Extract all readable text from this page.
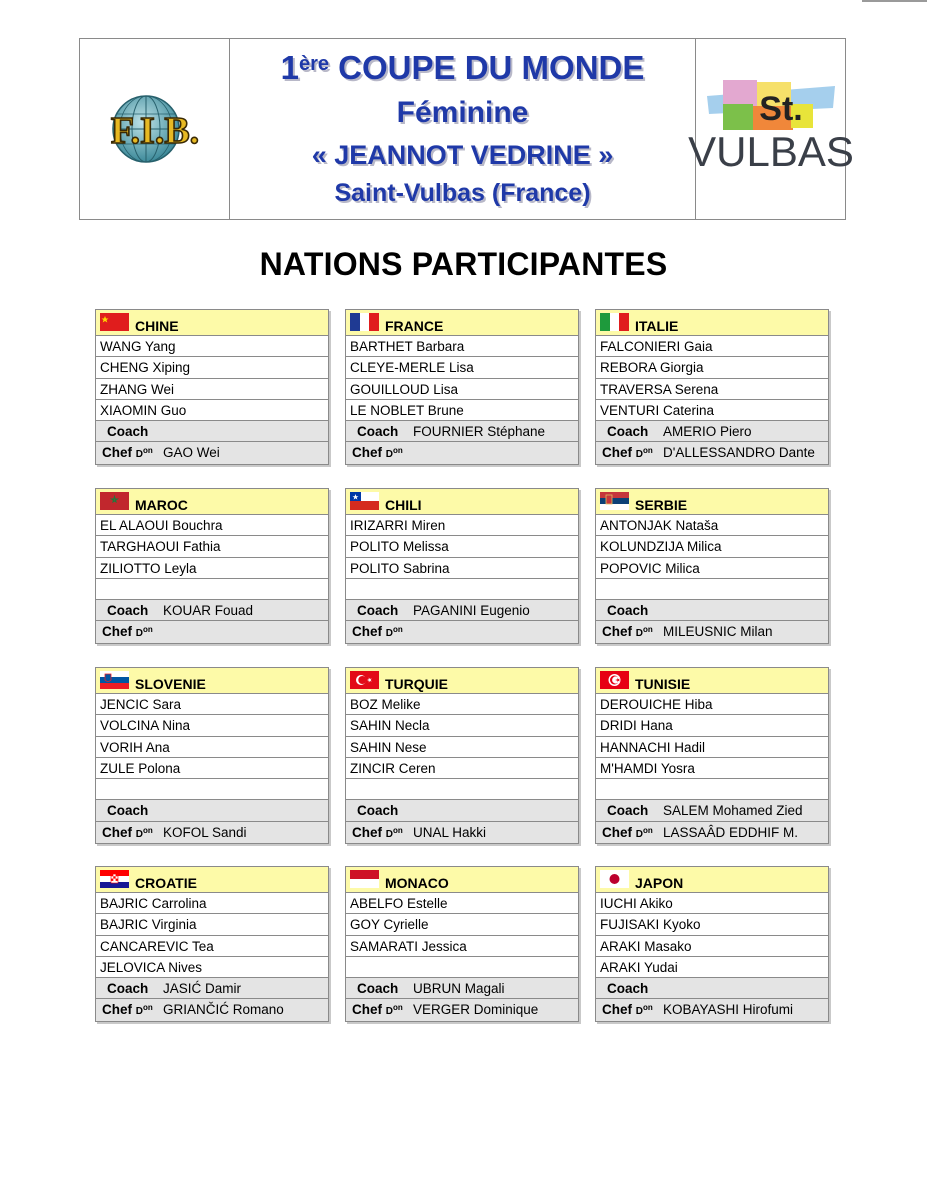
F.I.B.
1ère COUPE DU MONDE
Féminine
« JEANNOT VEDRINE »
Saint-Vulbas (France)
St.
VULBAS
NATIONS PARTICIPANTES
CHINE
WANG Yang
CHENG Xiping
ZHANG Wei
XIAOMIN Guo
Coach
Chef $D^{on}$ GAO Wei
FRANCE
BARTHET Barbara
CLEYE-MERLE Lisa
GOUILLOUD Lisa
LE NOBLET Brune
Coach FOURNIER Stéphane
Chef $D^{on}$
ITALIE
FALCONIERI Gaia
REBORA Giorgia
TRAVERSA Serena
VENTURI Caterina
Coach AMERIO Piero
Chef $D^{on}$ D'ALLESSANDRO Dante
MAROC
EL ALAOUI Bouchra
TARGHAOUI Fathia
ZILIOTTO Leyla
Coach KOUAR Fouad
Chef $D^{on}$
CHILI
IRIZARRI Miren
POLITO Melissa
POLITO Sabrina
Coach PAGANINI Eugenio
Chef $D^{on}$
SERBIE
ANTONJAK Nataša
KOLUNDZIJA Milica
POPOVIC Milica
Coach
Chef $D^{on}$ MILEUSNIC Milan
SLOVENIE
JENCIC Sara
VOLCINA Nina
VORIH Ana
ZULE Polona
Coach
Chef $D^{on}$ KOFOL Sandi
TURQUIE
BOZ Melike
SAHIN Necla
SAHIN Nese
ZINCIR Ceren
Coach
Chef $D^{on}$ UNAL Hakki
TUNISIE
DEROUICHE Hiba
DRIDI Hana
HANNACHI Hadil
M'HAMDI Yosra
Coach SALEM Mohamed Zied
Chef $D^{on}$ LASSAÂD EDDHIF M.
CROATIE
BAJRIC Carrolina
BAJRIC Virginia
CANCAREVIC Tea
JELOVICA Nives
Coach JASIĆ Damir
Chef $D^{on}$ GRIANČIĆ Romano
MONACO
ABELFO Estelle
GOY Cyrielle
SAMARATI Jessica
Coach UBRUN Magali
Chef $D^{on}$ VERGER Dominique
JAPON
IUCHI Akiko
FUJISAKI Kyoko
ARAKI Masako
ARAKI Yudai
Coach
Chef $D^{on}$ KOBAYASHI Hirofumi
